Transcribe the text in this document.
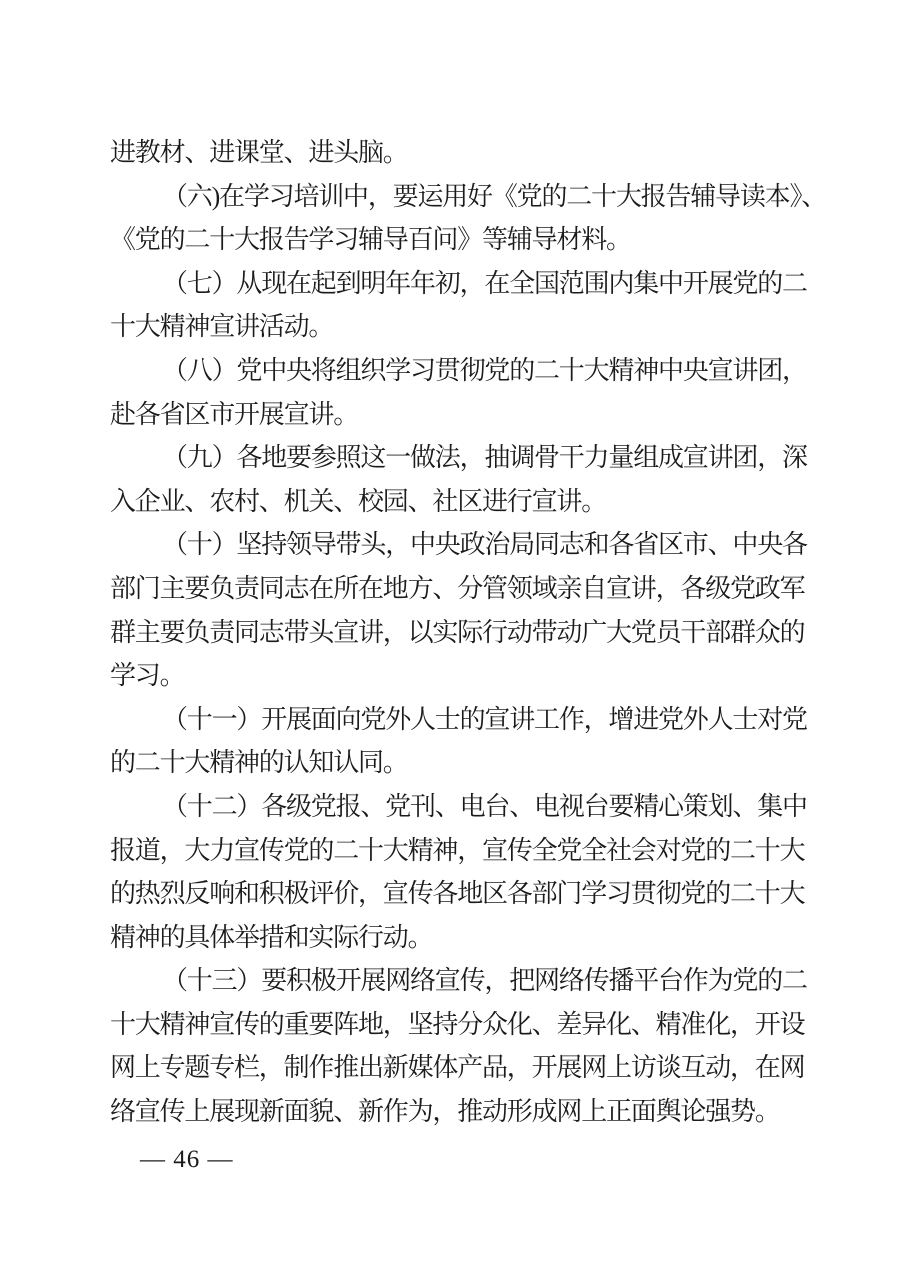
进教材、进课堂、进头脑。
（六)在学习培训中，要运用好《党的二十大报告辅导读本》、
《党的二十大报告学习辅导百问》等辅导材料。
（七）从现在起到明年年初，在全国范围内集中开展党的二
十大精神宣讲活动。
（八）党中央将组织学习贯彻党的二十大精神中央宣讲团，
赴各省区市开展宣讲。
（九）各地要参照这一做法，抽调骨干力量组成宣讲团，深
入企业、农村、机关、校园、社区进行宣讲。
（十）坚持领导带头，中央政治局同志和各省区市、中央各
部门主要负责同志在所在地方、分管领域亲自宣讲，各级党政军
群主要负责同志带头宣讲，以实际行动带动广大党员干部群众的
学习。
（十一）开展面向党外人士的宣讲工作，增进党外人士对党
的二十大精神的认知认同。
（十二）各级党报、党刊、电台、电视台要精心策划、集中
报道，大力宣传党的二十大精神，宣传全党全社会对党的二十大
的热烈反响和积极评价，宣传各地区各部门学习贯彻党的二十大
精神的具体举措和实际行动。
（十三）要积极开展网络宣传，把网络传播平台作为党的二
十大精神宣传的重要阵地，坚持分众化、差异化、精准化，开设
网上专题专栏，制作推出新媒体产品，开展网上访谈互动，在网
络宣传上展现新面貌、新作为，推动形成网上正面舆论强势。
— 46 —
